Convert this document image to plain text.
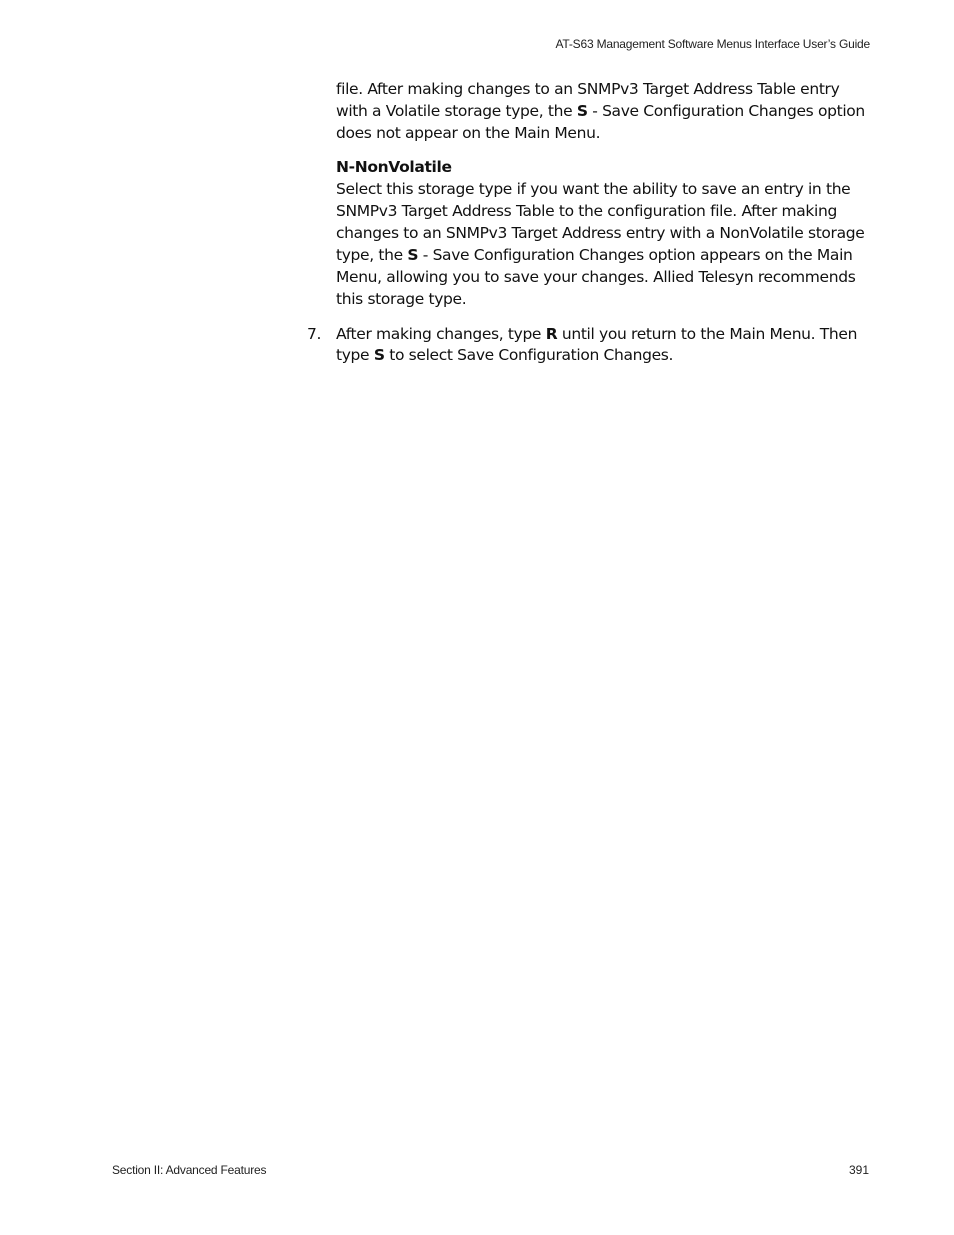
AT-S63 Management Software Menus Interface User’s Guide

file. After making changes to an SNMPv3 Target Address Table entry with a Volatile storage type, the S - Save Configuration Changes option does not appear on the Main Menu.

N-NonVolatile

Select this storage type if you want the ability to save an entry in the SNMPv3 Target Address Table to the configuration file. After making changes to an SNMPv3 Target Address entry with a NonVolatile storage type, the S - Save Configuration Changes option appears on the Main Menu, allowing you to save your changes. Allied Telesyn recommends this storage type.

7. After making changes, type R until you return to the Main Menu. Then type S to select Save Configuration Changes.

Section II: Advanced Features	391
